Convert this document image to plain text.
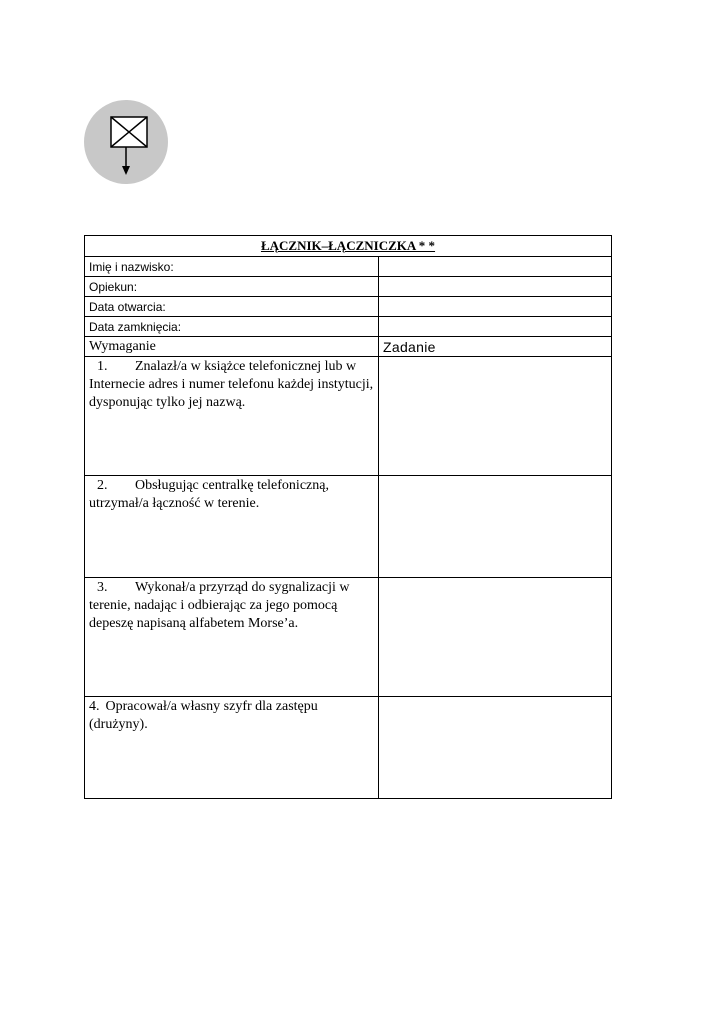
ŁĄCZNIK–ŁĄCZNICZKA * *	
Imię i nazwisko:	
Opiekun:	
Data otwarcia:	
Data zamknięcia:	
Wymaganie	Zadanie
1. Znalazł/a w książce telefonicznej lub w Internecie adres i numer telefonu każdej instytucji, dysponując tylko jej nazwą.	
2. Obsługując centralkę telefoniczną, utrzymał/a łączność w terenie.	
3. Wykonał/a przyrząd do sygnalizacji w terenie, nadając i odbierając za jego pomocą depeszę napisaną alfabetem Morse’a.	
4. Opracował/a własny szyfr dla zastępu (drużyny).	
